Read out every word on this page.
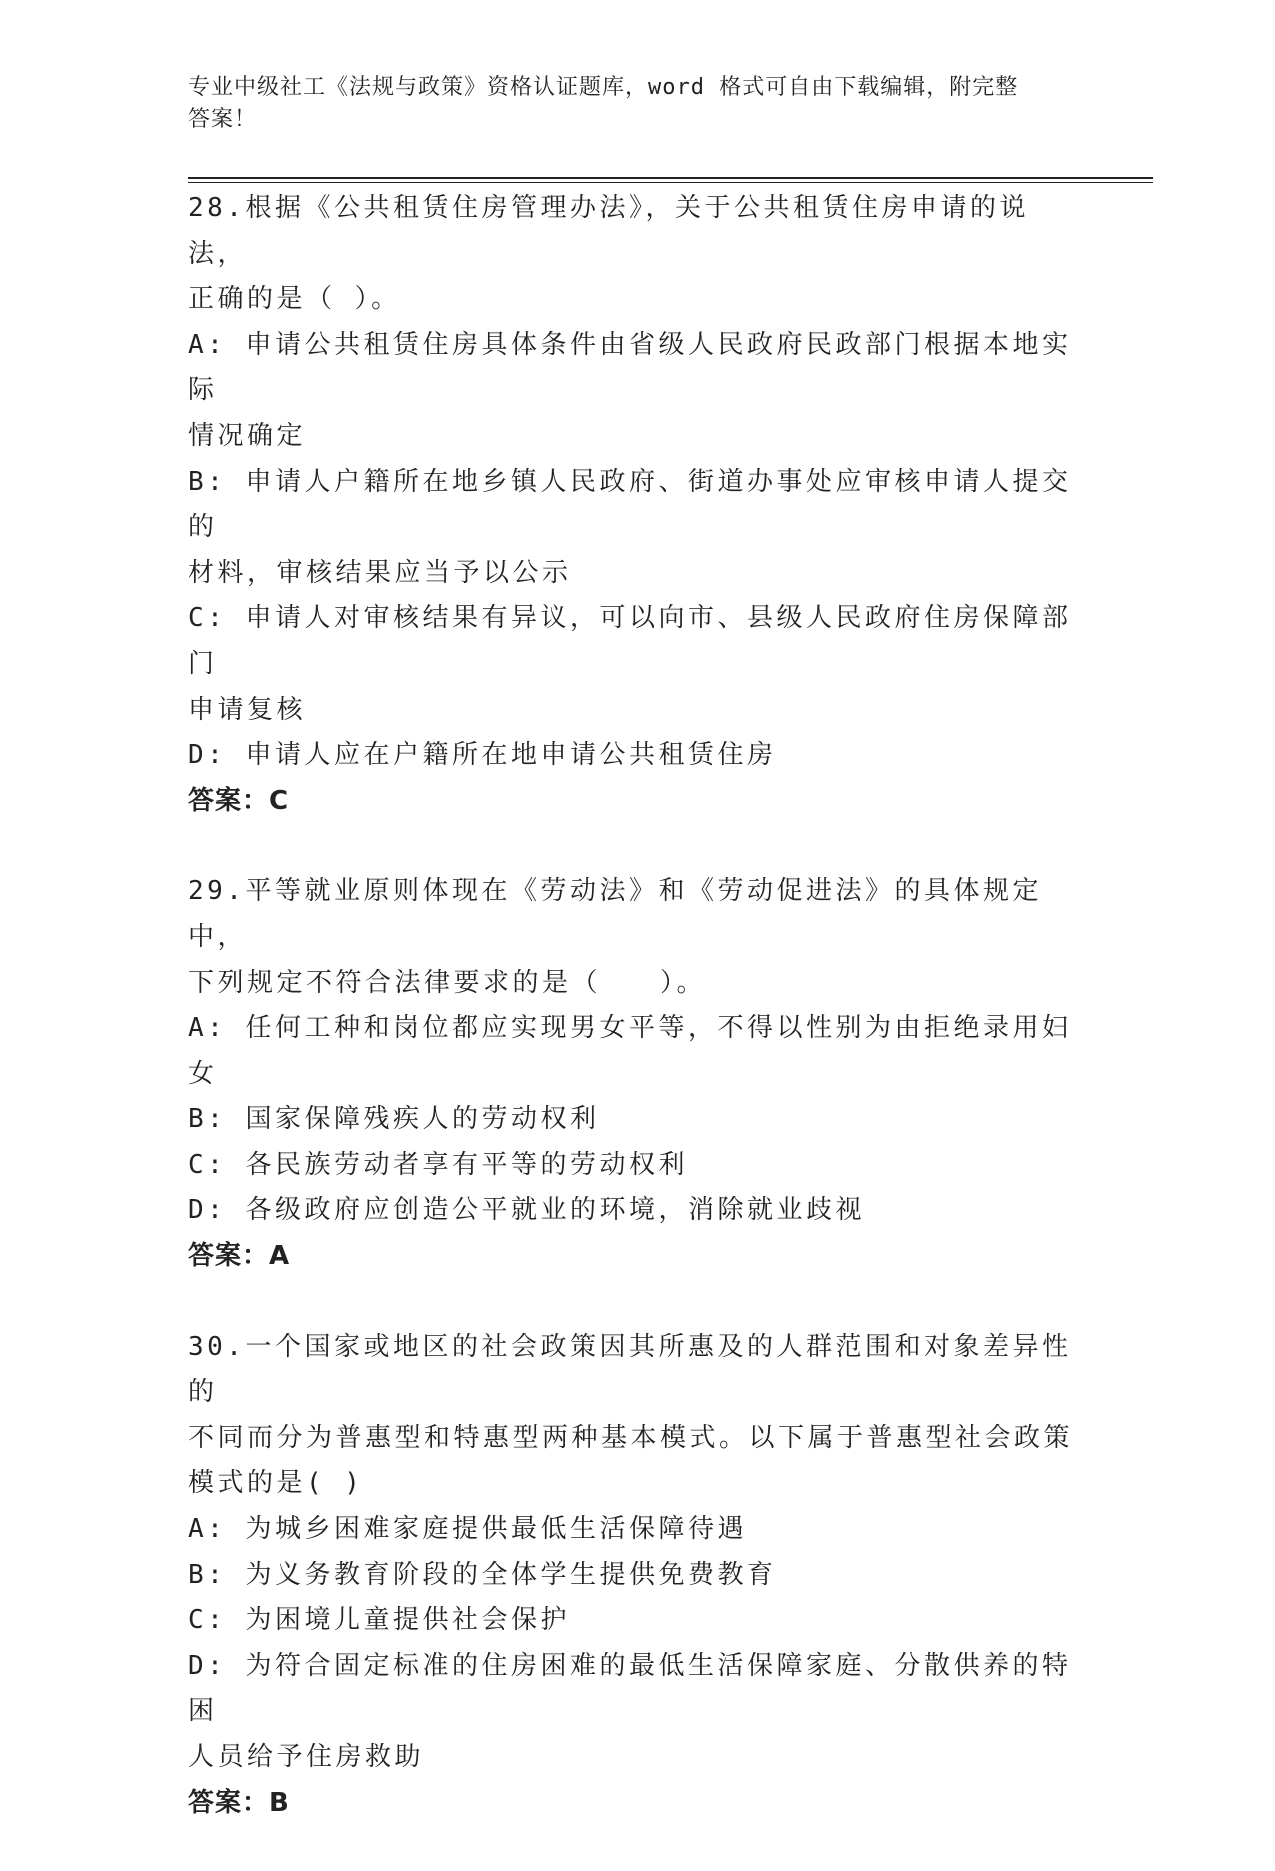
专业中级社工《法规与政策》资格认证题库，word 格式可自由下载编辑，附完整
答案！
28.根据《公共租赁住房管理办法》，关于公共租赁住房申请的说法，
正确的是（ ）。
A: 申请公共租赁住房具体条件由省级人民政府民政部门根据本地实际
情况确定
B: 申请人户籍所在地乡镇人民政府、街道办事处应审核申请人提交的
材料，审核结果应当予以公示
C: 申请人对审核结果有异议，可以向市、县级人民政府住房保障部门
申请复核
D: 申请人应在户籍所在地申请公共租赁住房
答案：C
29.平等就业原则体现在《劳动法》和《劳动促进法》的具体规定中，
下列规定不符合法律要求的是（　　）。
A: 任何工种和岗位都应实现男女平等，不得以性别为由拒绝录用妇女
B: 国家保障残疾人的劳动权利
C: 各民族劳动者享有平等的劳动权利
D: 各级政府应创造公平就业的环境，消除就业歧视
答案：A
30.一个国家或地区的社会政策因其所惠及的人群范围和对象差异性的
不同而分为普惠型和特惠型两种基本模式。以下属于普惠型社会政策
模式的是( )
A: 为城乡困难家庭提供最低生活保障待遇
B: 为义务教育阶段的全体学生提供免费教育
C: 为困境儿童提供社会保护
D: 为符合固定标准的住房困难的最低生活保障家庭、分散供养的特困
人员给予住房救助
答案：B
